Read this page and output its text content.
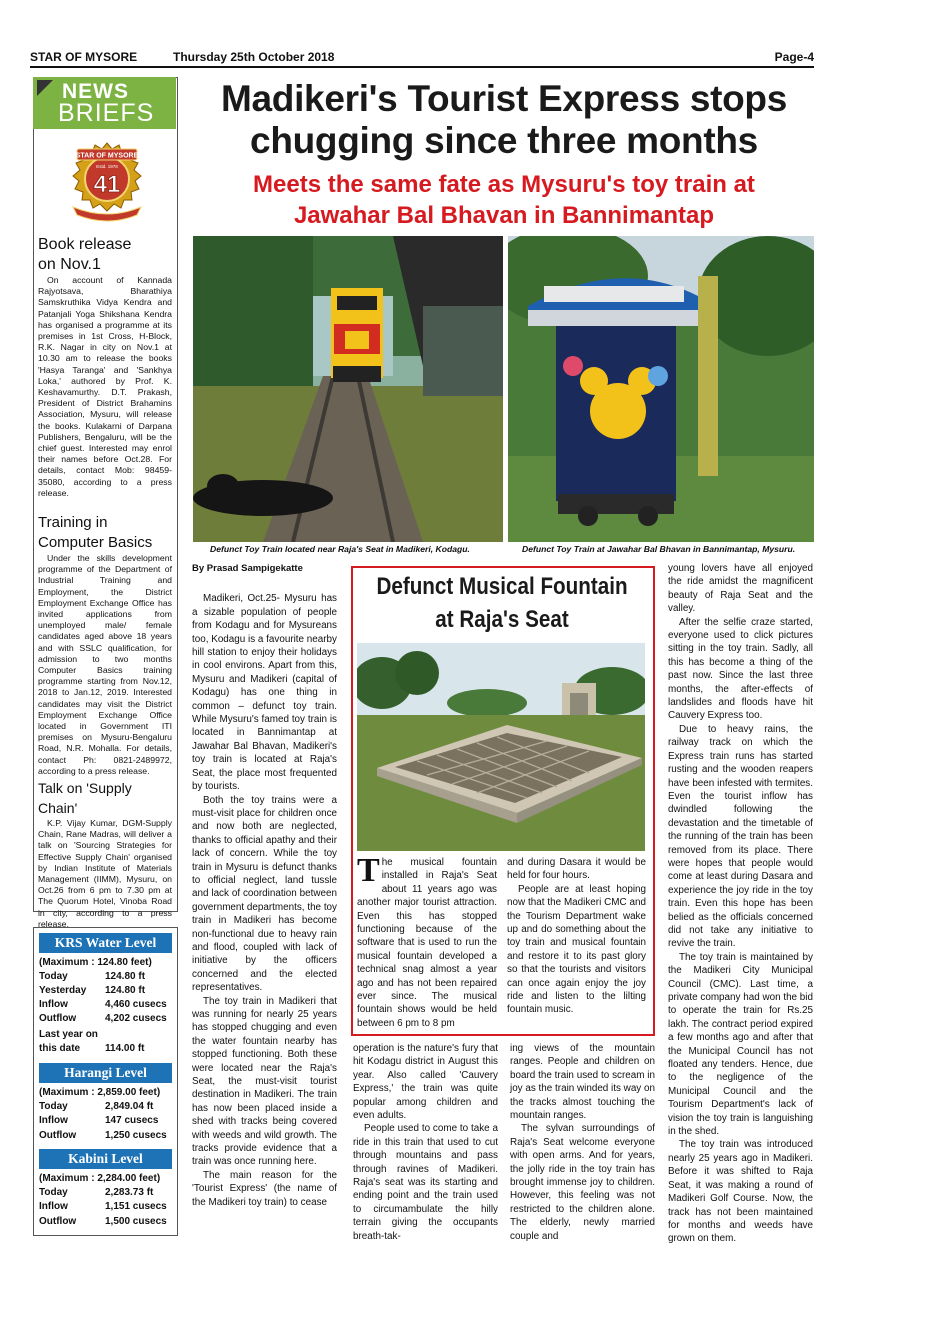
STAR OF MYSORE	Thursday 25th October 2018	Page-4
NEWS
BRIEFS
STAR OF MYSORE
Estd. 1978
41
Book release
on Nov.1

On account of Kannada Rajyotsava, Bharathiya Samskruthika Vidya Kendra and Patanjali Yoga Shikshana Kendra has organised a programme at its premises in 1st Cross, H-Block, R.K. Nagar in city on Nov.1 at 10.30 am to release the books 'Hasya Taranga' and 'Sankhya Loka,' authored by Prof. K. Keshavamurthy. D.T. Prakash, President of District Brahamins Association, Mysuru, will release the books. Kulakarni of Darpana Publishers, Bengaluru, will be the chief guest. Interested may enrol their names before Oct.28. For details, contact Mob: 98459-35080, according to a press release.

Training in
Computer Basics

Under the skills development programme of the Department of Industrial Training and Employment, the District Employment Exchange Office has invited applications from unemployed male/ female candidates aged above 18 years and with SSLC qualification, for admission to two months Computer Basics training programme starting from Nov.12, 2018 to Jan.12, 2019. Interested candidates may visit the District Employment Exchange Office located in Government ITI premises on Mysuru-Bengaluru Road, N.R. Mohalla. For details, contact Ph: 0821-2489972, according to a press release.

Talk on 'Supply Chain'

K.P. Vijay Kumar, DGM-Supply Chain, Rane Madras, will deliver a talk on 'Sourcing Strategies for Effective Supply Chain' organised by Indian Institute of Materials Management (IIMM), Mysuru, on Oct.26 from 6 pm to 7.30 pm at The Quorum Hotel, Vinoba Road in city, according to a press release.

KRS Water Level
(Maximum : 124.80 feet)
Today	124.80 ft
Yesterday 124.80 ft
Inflow	4,460 cusecs
Outflow	4,202 cusecs
Last year on
this date 114.00 ft
Harangi Level
(Maximum : 2,859.00 feet)
Today	2,849.04 ft
Inflow	147 cusecs
Outflow	1,250 cusecs
Kabini Level
(Maximum : 2,284.00 feet)
Today	2,283.73 ft
Inflow	1,151 cusecs
Outflow	1,500 cusecs
Madikeri's Tourist Express stops
chugging since three months
Meets the same fate as Mysuru's toy train at
Jawahar Bal Bhavan in Bannimantap
Defunct Toy Train located near Raja's Seat in Madikeri, Kodagu.	Defunct Toy Train at Jawahar Bal Bhavan in Bannimantap, Mysuru.

By Prasad Sampigekatte

Madikeri, Oct.25- Mysuru has a sizable population of people from Kodagu and for Mysureans too, Kodagu is a favourite nearby hill station to enjoy their holidays in cool environs. Apart from this, Mysuru and Madikeri (capital of Kodagu) has one thing in common – defunct toy train. While Mysuru's famed toy train is located in Bannimantap at Jawahar Bal Bhavan, Madikeri's toy train is located at Raja's Seat, the place most frequented by tourists.

Both the toy trains were a must-visit place for children once and now both are neglected, thanks to official apathy and their lack of concern. While the toy train in Mysuru is defunct thanks to official neglect, land tussle and lack of coordination between government departments, the toy train in Madikeri has become non-functional due to heavy rain and flood, coupled with lack of initiative by the officers concerned and the elected representatives.

The toy train in Madikeri that was running for nearly 25 years has stopped chugging and even the water fountain nearby has stopped functioning. Both these were located near the Raja's Seat, the must-visit tourist destination in Madikeri. The train has now been placed inside a shed with tracks being covered with weeds and wild growth. The tracks provide evidence that a train was once running here.

The main reason for the 'Tourist Express' (the name of the Madikeri toy train) to cease

Defunct Musical Fountain
at Raja's Seat

The musical fountain installed in Raja's Seat about 11 years ago was another major tourist attraction. Even this has stopped functioning because of the software that is used to run the musical fountain developed a technical snag almost a year ago and has not been repaired ever since. The musical fountain shows would be held between 6 pm to 8 pm

and during Dasara it would be held for four hours.

People are at least hoping now that the Madikeri CMC and the Tourism Department wake up and do something about the toy train and musical fountain and restore it to its past glory so that the tourists and visitors can once again enjoy the joy ride and listen to the lilting fountain music.

operation is the nature's fury that hit Kodagu district in August this year. Also called 'Cauvery Express,' the train was quite popular among children and even adults.

People used to come to take a ride in this train that used to cut through mountains and pass through ravines of Madikeri. Raja's seat was its starting and ending point and the train used to circumambulate the hilly terrain giving the occupants breath-tak-

ing views of the mountain ranges. People and children on board the train used to scream in joy as the train winded its way on the tracks almost touching the mountain ranges.

The sylvan surroundings of Raja's Seat welcome everyone with open arms. And for years, the jolly ride in the toy train has brought immense joy to children. However, this feeling was not restricted to the children alone. The elderly, newly married couple and

young lovers have all enjoyed the ride amidst the magnificent beauty of Raja Seat and the valley.

After the selfie craze started, everyone used to click pictures sitting in the toy train. Sadly, all this has become a thing of the past now. Since the last three months, the after-effects of landslides and floods have hit Cauvery Express too.

Due to heavy rains, the railway track on which the Express train runs has started rusting and the wooden reapers have been infested with termites. Even the tourist inflow has dwindled following the devastation and the timetable of the running of the train has been removed from its place. There were hopes that people would come at least during Dasara and experience the joy ride in the toy train. Even this hope has been belied as the officials concerned did not take any initiative to revive the train.

The toy train is maintained by the Madikeri City Municipal Council (CMC). Last time, a private company had won the bid to operate the train for Rs.25 lakh. The contract period expired a few months ago and after that the Municipal Council has not floated any tenders. Hence, due to the negligence of the Municipal Council and the Tourism Department's lack of vision the toy train is languishing in the shed.

The toy train was introduced nearly 25 years ago in Madikeri. Before it was shifted to Raja Seat, it was making a round of Madikeri Golf Course. Now, the track has not been maintained for months and weeds have grown on them.
